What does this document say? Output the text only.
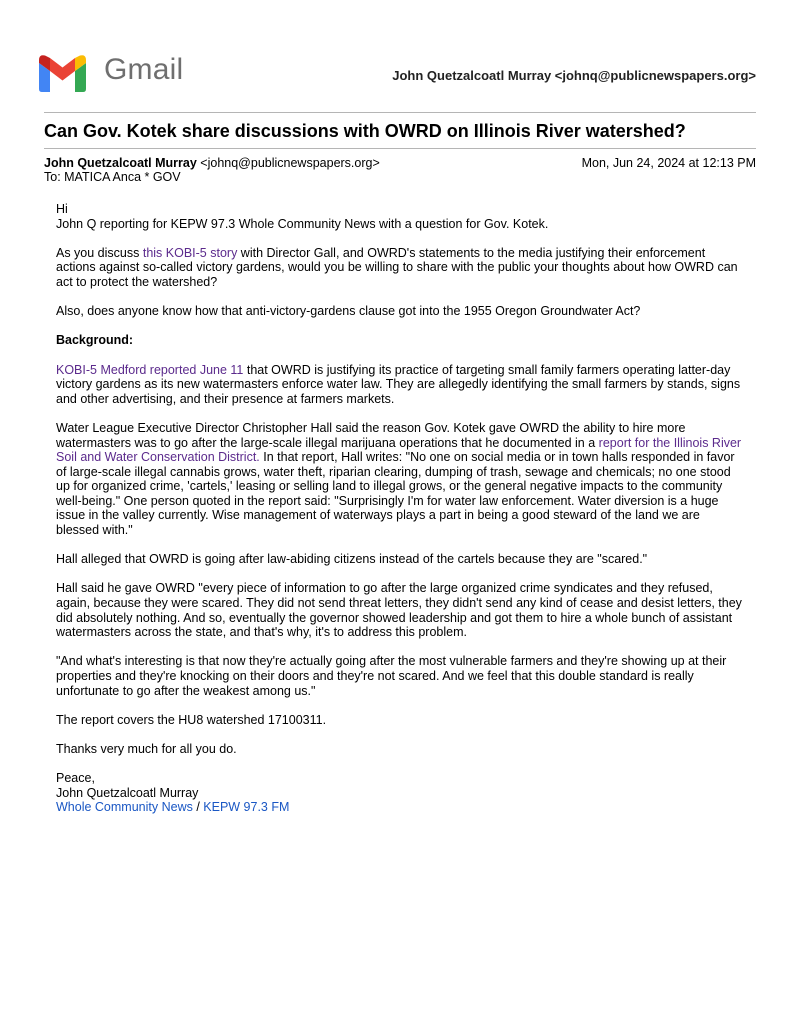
Gmail	John Quetzalcoatl Murray <johnq@publicnewspapers.org>
Can Gov. Kotek share discussions with OWRD on Illinois River watershed?
John Quetzalcoatl Murray <johnq@publicnewspapers.org>
To: MATICA Anca * GOV
Mon, Jun 24, 2024 at 12:13 PM
Hi

John Q reporting for KEPW 97.3 Whole Community News with a question for Gov. Kotek.

As you discuss this KOBI-5 story with Director Gall, and OWRD's statements to the media justifying their enforcement actions against so-called victory gardens, would you be willing to share with the public your thoughts about how OWRD can act to protect the watershed?

Also, does anyone know how that anti-victory-gardens clause got into the 1955 Oregon Groundwater Act?

Background:

KOBI-5 Medford reported June 11 that OWRD is justifying its practice of targeting small family farmers operating latter-day victory gardens as its new watermasters enforce water law. They are allegedly identifying the small farmers by stands, signs and other advertising, and their presence at farmers markets.

Water League Executive Director Christopher Hall said the reason Gov. Kotek gave OWRD the ability to hire more watermasters was to go after the large-scale illegal marijuana operations that he documented in a report for the Illinois River Soil and Water Conservation District. In that report, Hall writes: "No one on social media or in town halls responded in favor of large-scale illegal cannabis grows, water theft, riparian clearing, dumping of trash, sewage and chemicals; no one stood up for organized crime, 'cartels,' leasing or selling land to illegal grows, or the general negative impacts to the community well-being." One person quoted in the report said: "Surprisingly I'm for water law enforcement. Water diversion is a huge issue in the valley currently. Wise management of waterways plays a part in being a good steward of the land we are blessed with."

Hall alleged that OWRD is going after law-abiding citizens instead of the cartels because they are "scared."

Hall said he gave OWRD "every piece of information to go after the large organized crime syndicates and they refused, again, because they were scared. They did not send threat letters, they didn't send any kind of cease and desist letters, they did absolutely nothing. And so, eventually the governor showed leadership and got them to hire a whole bunch of assistant watermasters across the state, and that's why, it's to address this problem.

"And what's interesting is that now they're actually going after the most vulnerable farmers and they're showing up at their properties and they're knocking on their doors and they're not scared. And we feel that this double standard is really unfortunate to go after the weakest among us."

The report covers the HU8 watershed 17100311.

Thanks very much for all you do.

Peace,
John Quetzalcoatl Murray
Whole Community News / KEPW 97.3 FM
